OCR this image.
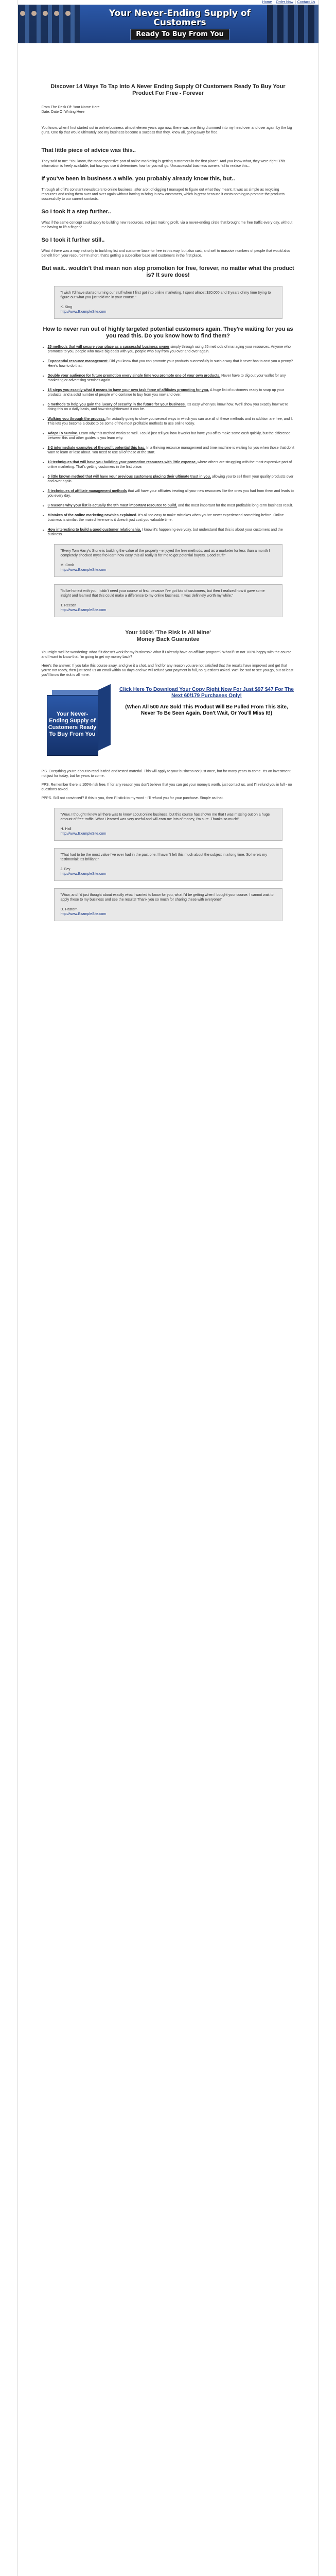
Home | Order Now | Contact Us
Your Never-Ending Supply of Customers
Ready To Buy From You
Discover 14 Ways To Tap Into A Never Ending Supply Of Customers Ready To Buy Your Product For Free - Forever
From The Desk Of: Your Name Here
Date: Date Of Writing Here

You know, when I first started out in online business almost eleven years ago now, there was one thing drummed into my head over and over again by the big guns. One tip that would ultimately see my business become a success that they, knew all, going away for free.

That little piece of advice was this..

They said to me: "You know, the most expensive part of online marketing is getting customers in the first place". And you know what, they were right! This information is freely available, but how you use it determines how far you will go. Unsuccessful business owners fail to realise this...

If you've been in business a while, you probably already know this, but..

Through all of it's constant newsletters to online business, after a bit of digging I managed to figure out what they meant. It was as simple as recycling resources and using them over and over again without having to bring in new customers, which is great because it costs nothing to promote the products successfully to our current contacts.

So I took it a step further..

What if the same concept could apply to building new resources, not just making profit, via a never-ending circle that brought me free traffic every day, without me having to lift a finger?

So I took it further still..

What if there was a way, not only to build my list and customer base for free in this way, but also cast, and sell to massive numbers of people that would also benefit from your resource? In short, that's getting a subscriber base and customers in the first place.

But wait.. wouldn't that mean non stop promotion for free, forever, no matter what the product is? It sure does!
"I wish I'd have started turning our stuff when I first got into online marketing. I spent almost $20,000 and 3 years of my time trying to figure out what you just told me in your course."
K. King
http://www.ExampleSite.com
How to never run out of highly targeted potential customers again. They're waiting for you as you read this. Do you know how to find them?
• 25 methods that will secure your place as a successful business owner simply through using 25 methods of managing your resources. Anyone who promotes to you, people who make big deals with you, people who buy from you over and over again.
• Exponential resource management. Did you know that you can promote your products successfully in such a way that it never has to cost you a penny? Here's how to do that.
• Double your audience for future promotion every single time you promote one of your own products. Never have to dig out your wallet for any marketing or advertising services again.
• 15 steps you exactly what it means to have your own task force of affiliates promoting for you. A huge list of customers ready to snap up your products, and a solid number of people who continue to buy from you now and over.
• 5 methods to help you gain the luxury of security in the future for your business. It's easy when you know how. We'll show you exactly how we're doing this on a daily basis, and how straightforward it can be.
• Walking you through the process. I'm actually going to show you several ways in which you can use all of these methods and in addition are free, and I. This lets you become a doubt to be some of the most profitable methods to use online today.
• Adapt To Survive. Learn why this method works so well. I could just tell you how it works but have you off to make some cash quickly, but the difference between this and other guides is you learn why.
• 3-2 intermediate examples of the profit potential this has. In a thriving resource management and time machine is waiting for you when those that don't want to learn or lose about. You need to use all of these at the start.
• 10 techniques that will have you building your promotion resources with little expense, where others are struggling with the most expensive part of online marketing. That's getting customers in the first place.
• 5 little known method that will have your previous customers placing their ultimate trust in you, allowing you to sell them your quality products over and over again.
• 3 techniques of affiliate management methods that will have your affiliates treating all your new resources like the ones you had from them and leads to you every day.
• 3 reasons why your list is actually the 5th most important resource to build, and the most important for the most profitable long-term business result.
• Mistakes of the online marketing newbies explained. It's all too easy to make mistakes when you've never experienced something before. Online business is similar: the main difference is it doesn't just cost you valuable time.
• How interesting to build a good customer relationship. I know it's happening everyday, but understand that this is about your customers and the business.
"Every Tom Harry's Stone is building the value of the property - enjoyed the free methods, and as a marketer for less than a month I completely shocked myself to learn how easy this all really is for me to get potential buyers. Good stuff!"
M. Cook
http://www.ExampleSite.com
"I'd be honest with you, I didn't need your course at first, because I've got lots of customers, but then I realized how it gave some insight and learned that this could make a difference to my online business. It was definitely worth my while."
T. Reeser
http://www.ExampleSite.com
Your 100% 'The Risk is All Mine'
Money Back Guarantee

You might well be wondering: what if it doesn't work for my business? What if I already have an affiliate program? What if I'm not 100% happy with the course and I want to know that I'm going to get my money back?

Here's the answer: If you take this course away, and give it a shot, and find for any reason you are not satisfied that the results have improved and get that you're not ready, then just send us an email within 60 days and we will refund your payment in full, no questions asked. We'll be sad to see you go, but at least you'll know the risk is all mine.

Your Never-Ending Supply of Customers Ready To Buy From You
Click Here To Download Your Copy Right Now For Just $97 $47 For The Next 60/179 Purchases Only!
(When All 500 Are Sold This Product Will Be Pulled From This Site, Never To Be Seen Again. Don't Wait, Or You'll Miss It!)

P.S. Everything you're about to read is tried and tested material. This will apply to your business not just once, but for many years to come. It's an investment not just for today, but for years to come.

PPS. Remember there is 100% risk free. If for any reason you don't believe that you can get your money's worth, just contact us, and I'll refund you in full - no questions asked.

PPPS. Still not convinced? If this is you, then I'll stick to my word - I'll refund you for your purchase. Simple as that.

"Wow, I thought I knew all there was to know about online business, but this course has shown me that I was missing out on a huge amount of free traffic. What I learned was very useful and will earn me lots of money, I'm sure. Thanks so much!"
H. Hall
http://www.ExampleSite.com
"That had to be the most value I've ever had in the past one. I haven't felt this much about the subject in a long time. So here's my testimonial: It's brilliant!"
J. Fey
http://www.ExampleSite.com
"Wow, and I'd just thought about exactly what I wanted to know for you, what I'd be getting when I bought your course. I cannot wait to apply these to my business and see the results! Thank you so much for sharing these with everyone!"
D. Pastorn
http://www.ExampleSite.com
